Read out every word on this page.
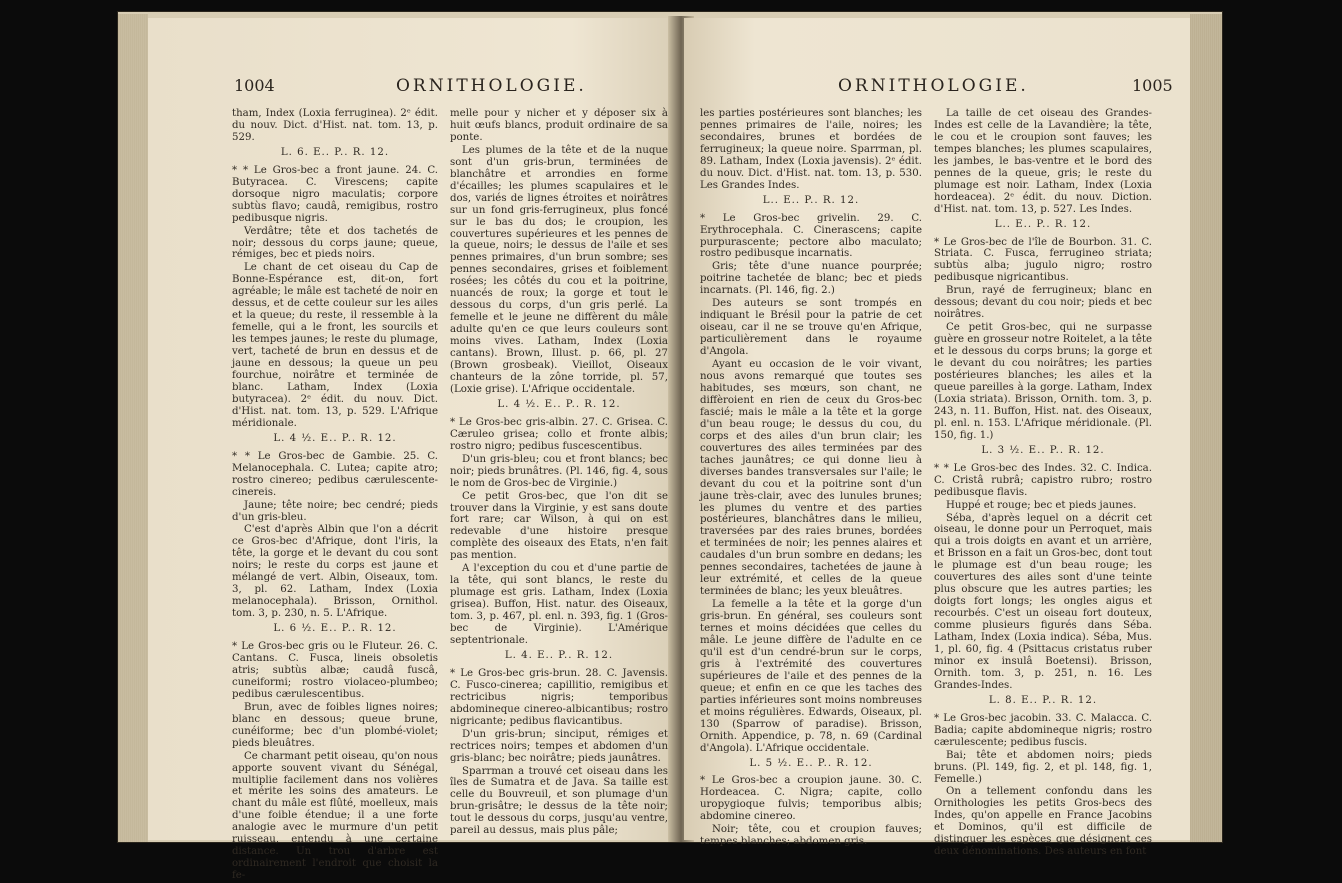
1004	ORNITHOLOGIE.

tham, Index (Loxia ferruginea). 2ᵉ édit. du nouv. Dict. d'Hist. nat. tom. 13, p. 529.

L. 6. E.. P.. R. 12.

* * Le Gros-bec a front jaune. 24. C. Butyracea. C. Virescens; capite dorsoque nigro maculatis; corpore subtùs flavo; caudâ, remigibus, rostro pedibusque nigris.

Verdâtre; tête et dos tachetés de noir; dessous du corps jaune; queue, rémiges, bec et pieds noirs.

Le chant de cet oiseau du Cap de Bonne-Espérance est, dit-on, fort agréable; le mâle est tacheté de noir en dessus, et de cette couleur sur les ailes et la queue; du reste, il ressemble à la femelle, qui a le front, les sourcils et les tempes jaunes; le reste du plumage, vert, tacheté de brun en dessus et de jaune en dessous; la queue un peu fourchue, noirâtre et terminée de blanc. Latham, Index (Loxia butyracea). 2ᵉ édit. du nouv. Dict. d'Hist. nat. tom. 13, p. 529. L'Afrique méridionale.

L. 4 ½. E.. P.. R. 12.

* * Le Gros-bec de Gambie. 25. C. Melanocephala. C. Lutea; capite atro; rostro cinereo; pedibus cærulescente-cinereis.

Jaune; tête noire; bec cendré; pieds d'un gris-bleu.

C'est d'après Albin que l'on a décrit ce Gros-bec d'Afrique, dont l'iris, la tête, la gorge et le devant du cou sont noirs; le reste du corps est jaune et mélangé de vert. Albin, Oiseaux, tom. 3, pl. 62. Latham, Index (Loxia melanocephala). Brisson, Ornithol. tom. 3, p. 230, n. 5. L'Afrique.

L. 6 ½. E.. P.. R. 12.

* Le Gros-bec gris ou le Fluteur. 26. C. Cantans. C. Fusca, lineis obsoletis atris; subtùs albæ; caudâ fuscâ, cuneiformi; rostro violaceo-plumbeo; pedibus cærulescentibus.

Brun, avec de foibles lignes noires; blanc en dessous; queue brune, cunéiforme; bec d'un plombé-violet; pieds bleuâtres.

Ce charmant petit oiseau, qu'on nous apporte souvent vivant du Sénégal, multiplie facilement dans nos volières et mérite les soins des amateurs. Le chant du mâle est flûté, moelleux, mais d'une foible étendue; il a une forte analogie avec le murmure d'un petit ruisseau, entendu à une certaine distance. Un trou d'arbre est ordinairement l'endroit que choisit la fe-

melle pour y nicher et y déposer six à huit œufs blancs, produit ordinaire de sa ponte.

Les plumes de la tête et de la nuque sont d'un gris-brun, terminées de blanchâtre et arrondies en forme d'écailles; les plumes scapulaires et le dos, variés de lignes étroites et noirâtres sur un fond gris-ferrugineux, plus foncé sur le bas du dos; le croupion, les couvertures supérieures et les pennes de la queue, noirs; le dessus de l'aile et ses pennes primaires, d'un brun sombre; ses pennes secondaires, grises et foiblement rosées; les côtés du cou et la poitrine, nuancés de roux; la gorge et tout le dessous du corps, d'un gris perlé. La femelle et le jeune ne diffèrent du mâle adulte qu'en ce que leurs couleurs sont moins vives. Latham, Index (Loxia cantans). Brown, Illust. p. 66, pl. 27 (Brown grosbeak). Vieillot, Oiseaux chanteurs de la zône torride, pl. 57, (Loxie grise). L'Afrique occidentale.

L. 4 ½. E.. P.. R. 12.

* Le Gros-bec gris-albin. 27. C. Grisea. C. Cæruleo grisea; collo et fronte albis; rostro nigro; pedibus fuscescentibus.

D'un gris-bleu; cou et front blancs; bec noir; pieds brunâtres. (Pl. 146, fig. 4, sous le nom de Gros-bec de Virginie.)

Ce petit Gros-bec, que l'on dit se trouver dans la Virginie, y est sans doute fort rare; car Wilson, à qui on est redevable d'une histoire presque complète des oiseaux des Etats, n'en fait pas mention.

A l'exception du cou et d'une partie de la tête, qui sont blancs, le reste du plumage est gris. Latham, Index (Loxia grisea). Buffon, Hist. natur. des Oiseaux, tom. 3, p. 467, pl. enl. n. 393, fig. 1 (Gros-bec de Virginie). L'Amérique septentrionale.

L. 4. E.. P.. R. 12.

* Le Gros-bec gris-brun. 28. C. Javensis. C. Fusco-cinerea; capillitio, remigibus et rectricibus nigris; temporibus abdomineque cinereo-albicantibus; rostro nigricante; pedibus flavicantibus.

D'un gris-brun; sinciput, rémiges et rectrices noirs; tempes et abdomen d'un gris-blanc; bec noirâtre; pieds jaunâtres.

Sparrman a trouvé cet oiseau dans les îles de Sumatra et de Java. Sa taille est celle du Bouvreuil, et son plumage d'un brun-grisâtre; le dessus de la tête noir; tout le dessous du corps, jusqu'au ventre, pareil au dessus, mais plus pâle;

ORNITHOLOGIE.	1005

les parties postérieures sont blanches; les pennes primaires de l'aile, noires; les secondaires, brunes et bordées de ferrugineux; la queue noire. Sparrman, pl. 89. Latham, Index (Loxia javensis). 2ᵉ édit. du nouv. Dict. d'Hist. nat. tom. 13, p. 530. Les Grandes Indes.

L.. E.. P.. R. 12.

* Le Gros-bec grivelin. 29. C. Erythrocephala. C. Cinerascens; capite purpurascente; pectore albo maculato; rostro pedibusque incarnatis.

Gris; tête d'une nuance pourprée; poitrine tachetée de blanc; bec et pieds incarnats. (Pl. 146, fig. 2.)

Des auteurs se sont trompés en indiquant le Brésil pour la patrie de cet oiseau, car il ne se trouve qu'en Afrique, particulièrement dans le royaume d'Angola.

Ayant eu occasion de le voir vivant, nous avons remarqué que toutes ses habitudes, ses mœurs, son chant, ne diffèroient en rien de ceux du Gros-bec fascié; mais le mâle a la tête et la gorge d'un beau rouge; le dessus du cou, du corps et des ailes d'un brun clair; les couvertures des ailes terminées par des taches jaunâtres; ce qui donne lieu à diverses bandes transversales sur l'aile; le devant du cou et la poitrine sont d'un jaune très-clair, avec des lunules brunes; les plumes du ventre et des parties postérieures, blanchâtres dans le milieu, traversées par des raies brunes, bordées et terminées de noir; les pennes alaires et caudales d'un brun sombre en dedans; les pennes secondaires, tachetées de jaune à leur extrémité, et celles de la queue terminées de blanc; les yeux bleuâtres.

La femelle a la tête et la gorge d'un gris-brun. En général, ses couleurs sont ternes et moins décidées que celles du mâle. Le jeune diffère de l'adulte en ce qu'il est d'un cendré-brun sur le corps, gris à l'extrémité des couvertures supérieures de l'aile et des pennes de la queue; et enfin en ce que les taches des parties inférieures sont moins nombreuses et moins régulières. Edwards, Oiseaux, pl. 130 (Sparrow of paradise). Brisson, Ornith. Appendice, p. 78, n. 69 (Cardinal d'Angola). L'Afrique occidentale.

L. 5 ½. E.. P.. R. 12.

* Le Gros-bec a croupion jaune. 30. C. Hordeacea. C. Nigra; capite, collo uropygioque fulvis; temporibus albis; abdomine cinereo.

Noir; tête, cou et croupion fauves; tempes blanches; abdomen gris.

La taille de cet oiseau des Grandes-Indes est celle de la Lavandière; la tête, le cou et le croupion sont fauves; les tempes blanches; les plumes scapulaires, les jambes, le bas-ventre et le bord des pennes de la queue, gris; le reste du plumage est noir. Latham, Index (Loxia hordeacea). 2ᵉ édit. du nouv. Diction. d'Hist. nat. tom. 13, p. 527. Les Indes.

L.. E.. P.. R. 12.

* Le Gros-bec de l'île de Bourbon. 31. C. Striata. C. Fusca, ferrugineo striata; subtùs alba; jugulo nigro; rostro pedibusque nigricantibus.

Brun, rayé de ferrugineux; blanc en dessous; devant du cou noir; pieds et bec noirâtres.

Ce petit Gros-bec, qui ne surpasse guère en grosseur notre Roitelet, a la tête et le dessous du corps bruns; la gorge et le devant du cou noirâtres; les parties postérieures blanches; les ailes et la queue pareilles à la gorge. Latham, Index (Loxia striata). Brisson, Ornith. tom. 3, p. 243, n. 11. Buffon, Hist. nat. des Oiseaux, pl. enl. n. 153. L'Afrique méridionale. (Pl. 150, fig. 1.)

L. 3 ½. E.. P.. R. 12.

* * Le Gros-bec des Indes. 32. C. Indica. C. Cristâ rubrâ; capistro rubro; rostro pedibusque flavis.

Huppé et rouge; bec et pieds jaunes.

Séba, d'après lequel on a décrit cet oiseau, le donne pour un Perroquet, mais qui a trois doigts en avant et un arrière, et Brisson en a fait un Gros-bec, dont tout le plumage est d'un beau rouge; les couvertures des ailes sont d'une teinte plus obscure que les autres parties; les doigts fort longs; les ongles aigus et recourbés. C'est un oiseau fort douteux, comme plusieurs figurés dans Séba. Latham, Index (Loxia indica). Séba, Mus. 1, pl. 60, fig. 4 (Psittacus cristatus ruber minor ex insulâ Boetensi). Brisson, Ornith. tom. 3, p. 251, n. 16. Les Grandes-Indes.

L. 8. E.. P.. R. 12.

* Le Gros-bec jacobin. 33. C. Malacca. C. Badia; capite abdomineque nigris; rostro cærulescente; pedibus fuscis.

Bai; tête et abdomen noirs; pieds bruns. (Pl. 149, fig. 2, et pl. 148, fig. 1, Femelle.)

On a tellement confondu dans les Ornithologies les petits Gros-becs des Indes, qu'on appelle en France Jacobins et Dominos, qu'il est difficile de distinguer les espèces que désignent ces deux dénominations. Des auteurs en font
